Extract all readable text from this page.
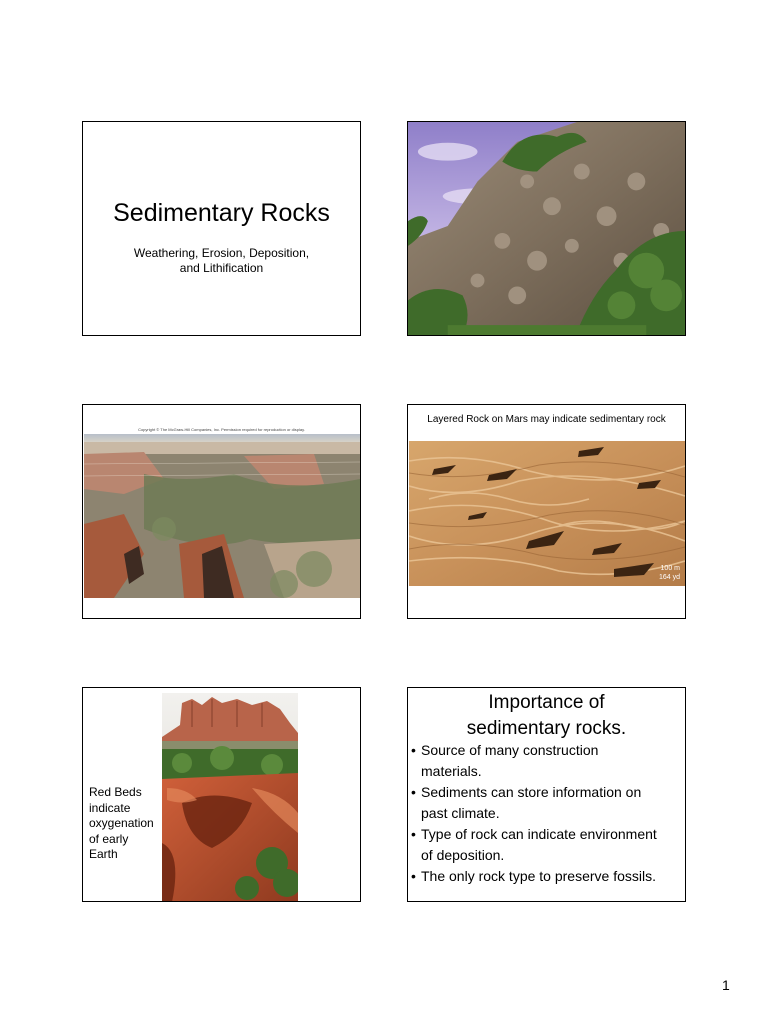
Sedimentary Rocks
Weathering, Erosion, Deposition,
and Lithification
Copyright © The McGraw-Hill Companies, Inc. Permission required for reproduction or display.
Layered Rock on Mars may indicate sedimentary rock
100 m
164 yd
Red Beds
indicate
oxygenation
of early
Earth
Importance of
sedimentary rocks.
• Source of many construction
materials.
• Sediments can store information on
past climate.
• Type of rock can indicate environment
of deposition.
• The only rock type to preserve fossils.
1
